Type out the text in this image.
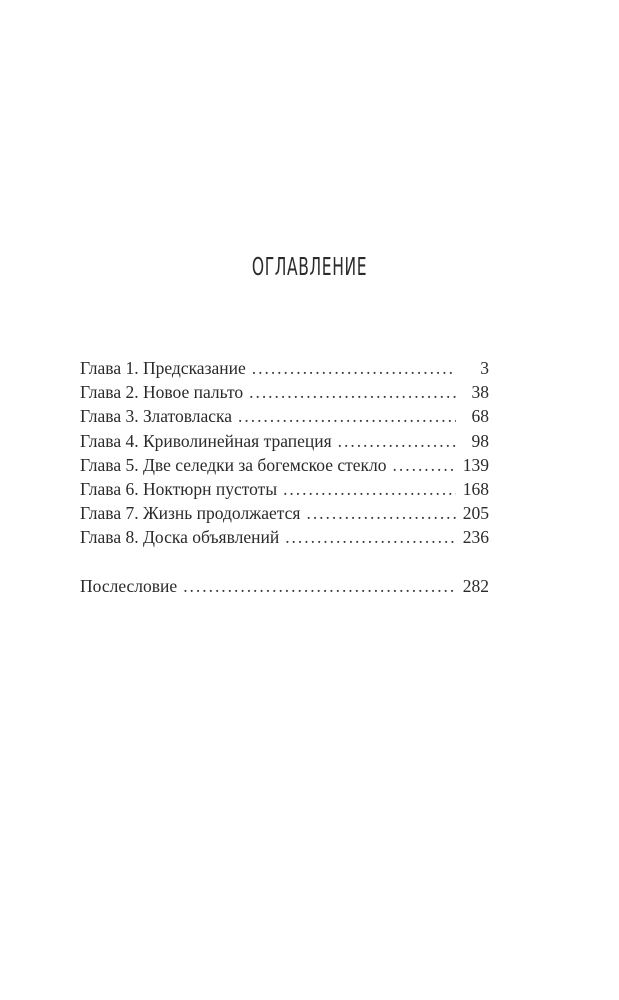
ОГЛАВЛЕНИЕ
Глава 1. Предсказание . . .	3
Глава 2. Новое пальто . . .	38
Глава 3. Златовласка . . .	68
Глава 4. Криволинейная трапеция . . .	98
Глава 5. Две селедки за богемское стекло . . .	139
Глава 6. Ноктюрн пустоты . . .	168
Глава 7. Жизнь продолжается . . .	205
Глава 8. Доска объявлений . . .	236
Послесловие . . .	282
